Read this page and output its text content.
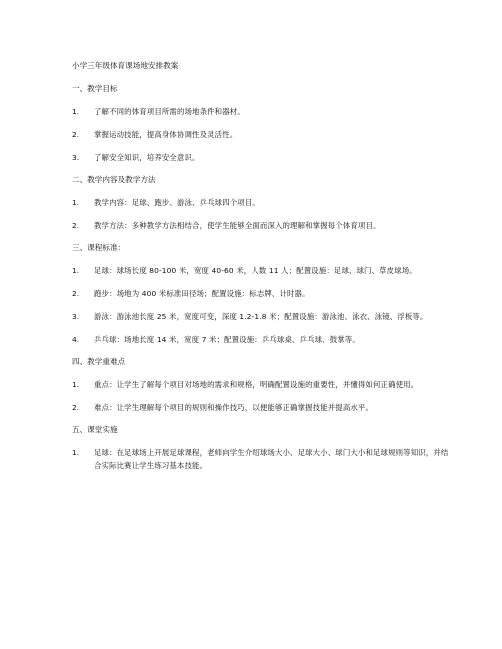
小学三年级体育课场地安排教案
一、教学目标
1.	了解不同的体育项目所需的场地条件和器材。
2.	掌握运动技能，提高身体协调性及灵活性。
3.	了解安全知识，培养安全意识。
二、教学内容及教学方法
1.	教学内容：足球、跑步、游泳、乒乓球四个项目。
2.	教学方法：多种教学方法相结合，使学生能够全面而深入的理解和掌握每个体育项目。
三、课程标准：
1.	足球：球场长度 80-100 米，宽度 40-60 米，人数 11 人；配置设施：足球、球门、草皮球场。
2.	跑步：场地为 400 米标准田径场；配置设施：标志牌、计时器。
3.	游泳：游泳池长度 25 米，宽度可变，深度 1.2-1.8 米；配置设施：游泳池、泳衣、泳镜、浮板等。
4.	乒乓球：场地长度 14 米，宽度 7 米；配置设施：乒乓球桌、乒乓球、鼓掌等。
四、教学重难点
1.	重点：让学生了解每个项目对场地的需求和规格，明确配置设施的重要性，并懂得如何正确使用。
2.	难点：让学生理解每个项目的规则和操作技巧，以便能够正确掌握技能并提高水平。
五、课堂实施
1.	足球：在足球场上开展足球课程，老师向学生介绍球场大小、足球大小、球门大小和足球规则等知识，并结合实际比赛让学生练习基本技能。
